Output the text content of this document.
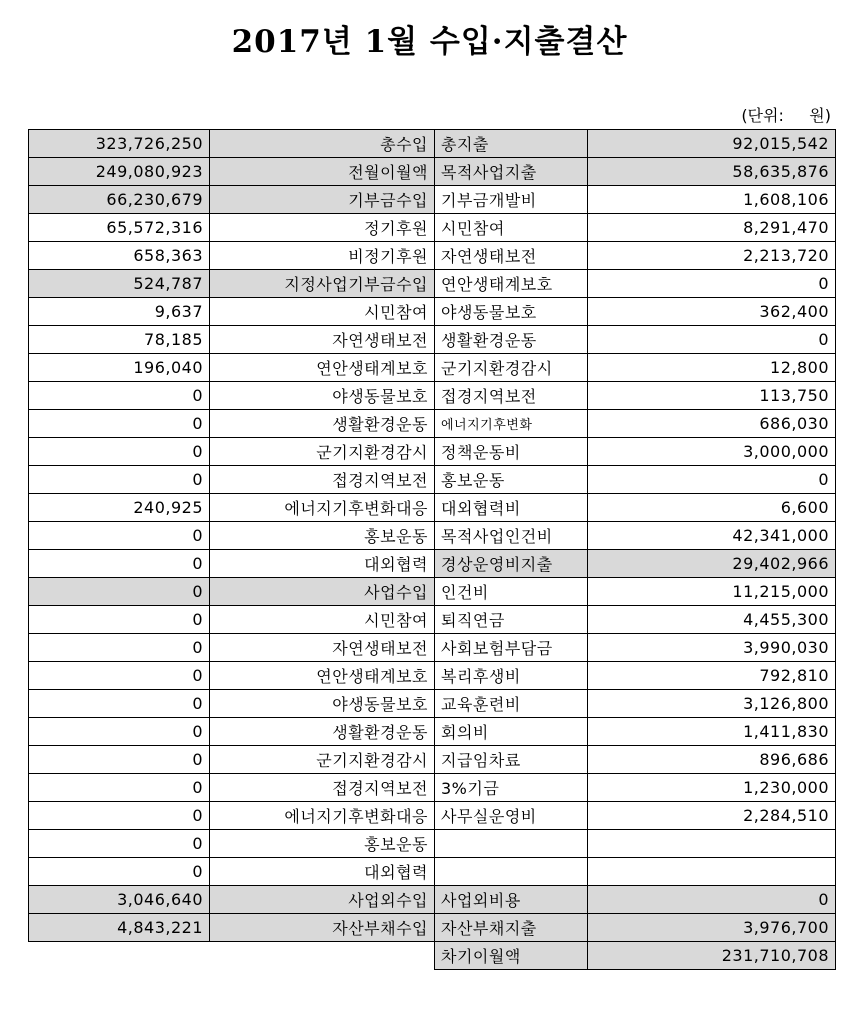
2017년 1월 수입·지출결산
(단위:     원)
323,726,250	총수입	총지출	92,015,542
249,080,923	전월이월액	목적사업지출	58,635,876
66,230,679	기부금수입	기부금개발비	1,608,106
65,572,316	정기후원	시민참여	8,291,470
658,363	비정기후원	자연생태보전	2,213,720
524,787	지정사업기부금수입	연안생태계보호	0
9,637	시민참여	야생동물보호	362,400
78,185	자연생태보전	생활환경운동	0
196,040	연안생태계보호	군기지환경감시	12,800
0	야생동물보호	접경지역보전	113,750
0	생활환경운동	에너지기후변화	686,030
0	군기지환경감시	정책운동비	3,000,000
0	접경지역보전	홍보운동	0
240,925	에너지기후변화대응	대외협력비	6,600
0	홍보운동	목적사업인건비	42,341,000
0	대외협력	경상운영비지출	29,402,966
0	사업수입	인건비	11,215,000
0	시민참여	퇴직연금	4,455,300
0	자연생태보전	사회보험부담금	3,990,030
0	연안생태계보호	복리후생비	792,810
0	야생동물보호	교육훈련비	3,126,800
0	생활환경운동	회의비	1,411,830
0	군기지환경감시	지급임차료	896,686
0	접경지역보전	3%기금	1,230,000
0	에너지기후변화대응	사무실운영비	2,284,510
0	홍보운동		
0	대외협력		
3,046,640	사업외수입	사업외비용	0
4,843,221	자산부채수입	자산부채지출	3,976,700
		차기이월액	231,710,708
